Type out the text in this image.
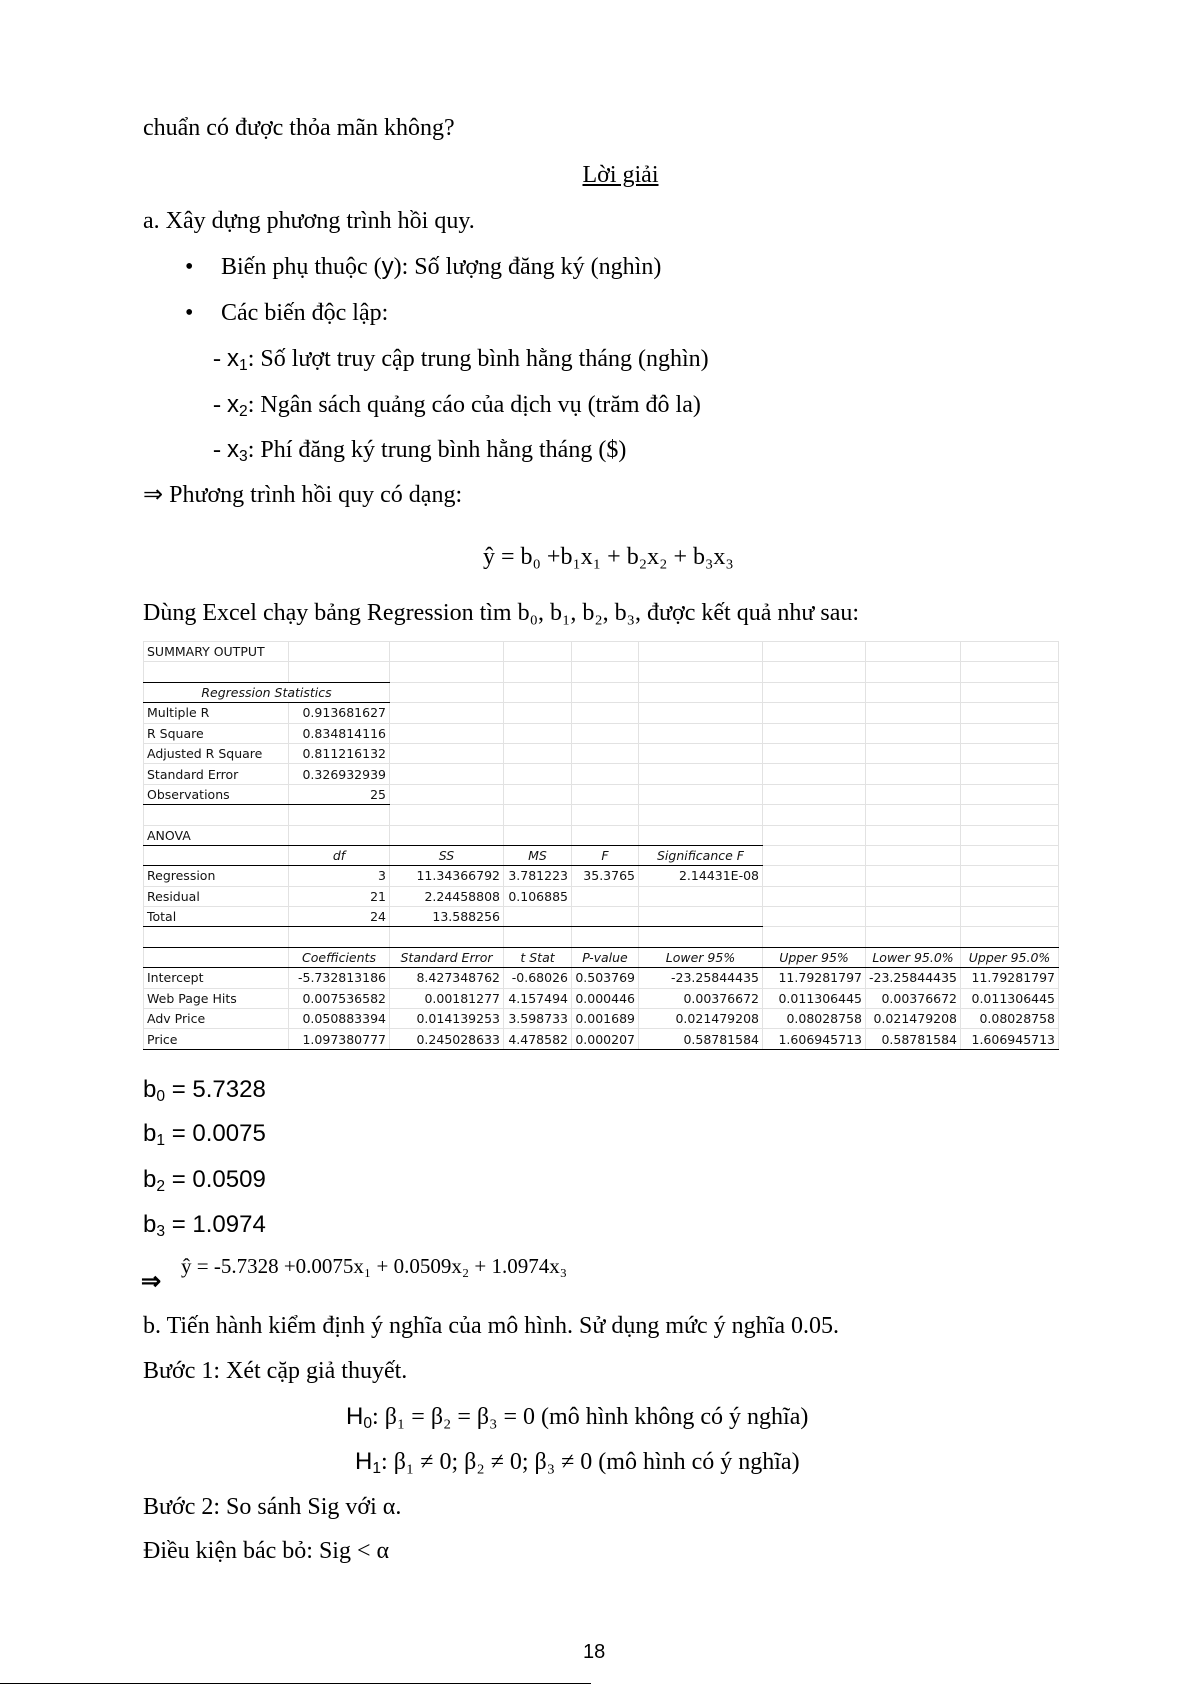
chuẩn có được thỏa mãn không?
Lời giải
a. Xây dựng phương trình hồi quy.
• Biến phụ thuộc (y): Số lượng đăng ký (nghìn)
• Các biến độc lập:
- $x_1$: Số lượt truy cập trung bình hằng tháng (nghìn)
- $x_2$: Ngân sách quảng cáo của dịch vụ (trăm đô la)
- $x_3$: Phí đăng ký trung bình hằng tháng ($)
⇒ Phương trình hồi quy có dạng:
ŷ = b₀ +b₁x₁ + b₂x₂ + b₃x₃
Dùng Excel chạy bảng Regression tìm b₀, b₁, b₂, b₃, được kết quả như sau:
SUMMARY OUTPUT								

Regression Statistics								
Multiple R	0.913681627							
R Square	0.834814116							
Adjusted R Square	0.811216132							
Standard Error	0.326932939							
Observations	25							

ANOVA								
	df	SS	MS	F	Significance F			
Regression	3	11.34366792	3.781223	35.3765	2.14431E-08			
Residual	21	2.24458808	0.106885					
Total	24	13.588256						

	Coefficients	Standard Error	t Stat	P-value	Lower 95%	Upper 95%	Lower 95.0%	Upper 95.0%
Intercept	-5.732813186	8.427348762	-0.68026	0.503769	-23.25844435	11.79281797	-23.25844435	11.79281797
Web Page Hits	0.007536582	0.00181277	4.157494	0.000446	0.00376672	0.011306445	0.00376672	0.011306445
Adv Price	0.050883394	0.014139253	3.598733	0.001689	0.021479208	0.08028758	0.021479208	0.08028758
Price	1.097380777	0.245028633	4.478582	0.000207	0.58781584	1.606945713	0.58781584	1.606945713
$b_0 = 5.7328$
$b_1 = 0.0075$
$b_2 = 0.0509$
$b_3 = 1.0974$
⇒
ŷ = -5.7328 +0.0075x₁ + 0.0509x₂ + 1.0974x₃
b. Tiến hành kiểm định ý nghĩa của mô hình. Sử dụng mức ý nghĩa 0.05.
Bước 1: Xét cặp giả thuyết.
$H_0$: β₁ = β₂ = β₃ = 0 (mô hình không có ý nghĩa)
$H_1$: β₁ ≠ 0; β₂ ≠ 0; β₃ ≠ 0 (mô hình có ý nghĩa)
Bước 2: So sánh Sig với α.
Điều kiện bác bỏ: Sig < α
18
